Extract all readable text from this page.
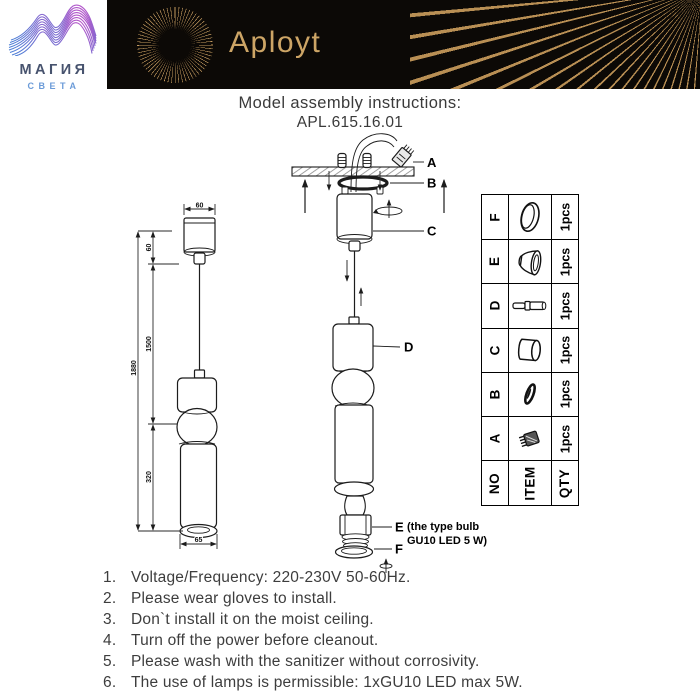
МАГИЯ
СВЕТА
Aployt
Model assembly instructions:
APL.615.16.01
60
1880
60
1500
320
65
A
B
C
D
E (the type bulb
GU10 LED 5 W)
F
F	1pcs
E	1pcs
D	1pcs
C	1pcs
B	1pcs
A	1pcs
NO ITEM QTY
1. Voltage/Frequency: 220-230V 50-60Hz.
2. Please wear gloves to install.
3. Don`t install it on the moist ceiling.
4. Turn off the power before cleanout.
5. Please wash with the sanitizer without corrosivity.
6. The use of lamps is permissible: 1xGU10 LED max 5W.
